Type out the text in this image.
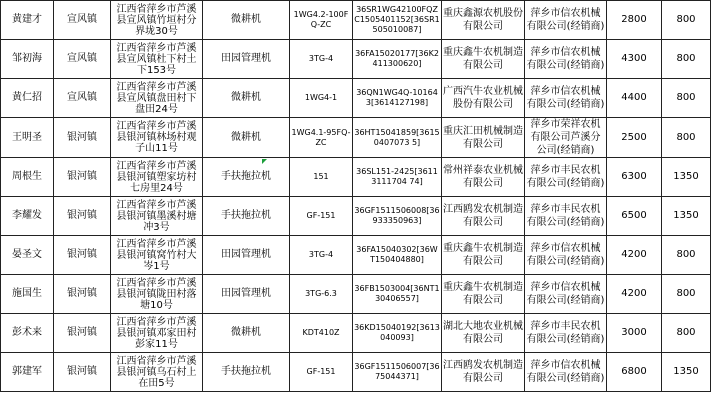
黄建才	宣风镇	江西省萍乡市芦溪县宣风镇竹垣村分界垅30号	微耕机	1WG4.2-100FQ-ZC	36SR1WG42100FQZC1505401152[36SR1505010087]	重庆鑫源农机股份有限公司	萍乡市信农机械有限公司(经销商)	2800	800
邹初海	宣风镇	江西省萍乡市芦溪县宣风镇杜下村土下153号	田园管理机	3TG-4	36FA15020177[36K2411300620]	重庆鑫牛农机制造有限公司	萍乡市信农机械有限公司(经销商)	4300	800
黄仁招	宣风镇	江西省萍乡市芦溪县宣风镇盘田村下盘田24号	微耕机	1WG4-1	36QN1WG4Q-101643[3614127198]	广西汽牛农业机械股份有限公司	萍乡市信农机械有限公司(经销商)	4400	800
王明圣	银河镇	江西省萍乡市芦溪县银河镇林场村观子山11号	微耕机	1WG4.1-95FQ-ZC	36HT15041859[36150407073 5]	重庆汇田机械制造有限公司	萍乡市荣祥农机有限公司芦溪分公司(经销商)	2500	800
周根生	银河镇	江西省萍乡市芦溪县银河镇塑家坊村七房里24号	手扶拖拉机	151	36SL151-2425[36113111704 74]	常州祥泰农业机械有限公司	萍乡市丰民农机有限公司(经销商)	6300	1350
李耀发	银河镇	江西省萍乡市芦溪县银河镇墨溪村塘冲3号	手扶拖拉机	GF-151	36GF1511506008[36933350963]	江西鸥发农机制造有限公司	萍乡市丰民农机有限公司(经销商)	6500	1350
晏圣文	银河镇	江西省萍乡市芦溪县银河镇窝竹村大岑1号	田园管理机	3TG-4	36FA15040302[36WT150404880]	重庆鑫牛农机制造有限公司	萍乡市信农机械有限公司(经销商)	4200	800
施国生	银河镇	江西省萍乡市芦溪县银河镇陇田村落塘10号	田园管理机	3TG-6.3	36FB1503004[36NT130406557]	重庆鑫牛农机制造有限公司	萍乡市信农机械有限公司(经销商)	4200	800
彭术来	银河镇	江西省萍乡市芦溪县银河镇邓家田村彭家11号	微耕机	KDT410Z	36KD15040192[3613040093]	湖北大地农业机械有限公司	萍乡市丰民农机有限公司(经销商)	3000	800
郭建军	银河镇	江西省萍乡市芦溪县银河镇乌石村上在田5号	手扶拖拉机	GF-151	36GF1511506007[3675044371]	江西鸥发农机制造有限公司	萍乡市信农机械有限公司(经销商)	6800	1350
